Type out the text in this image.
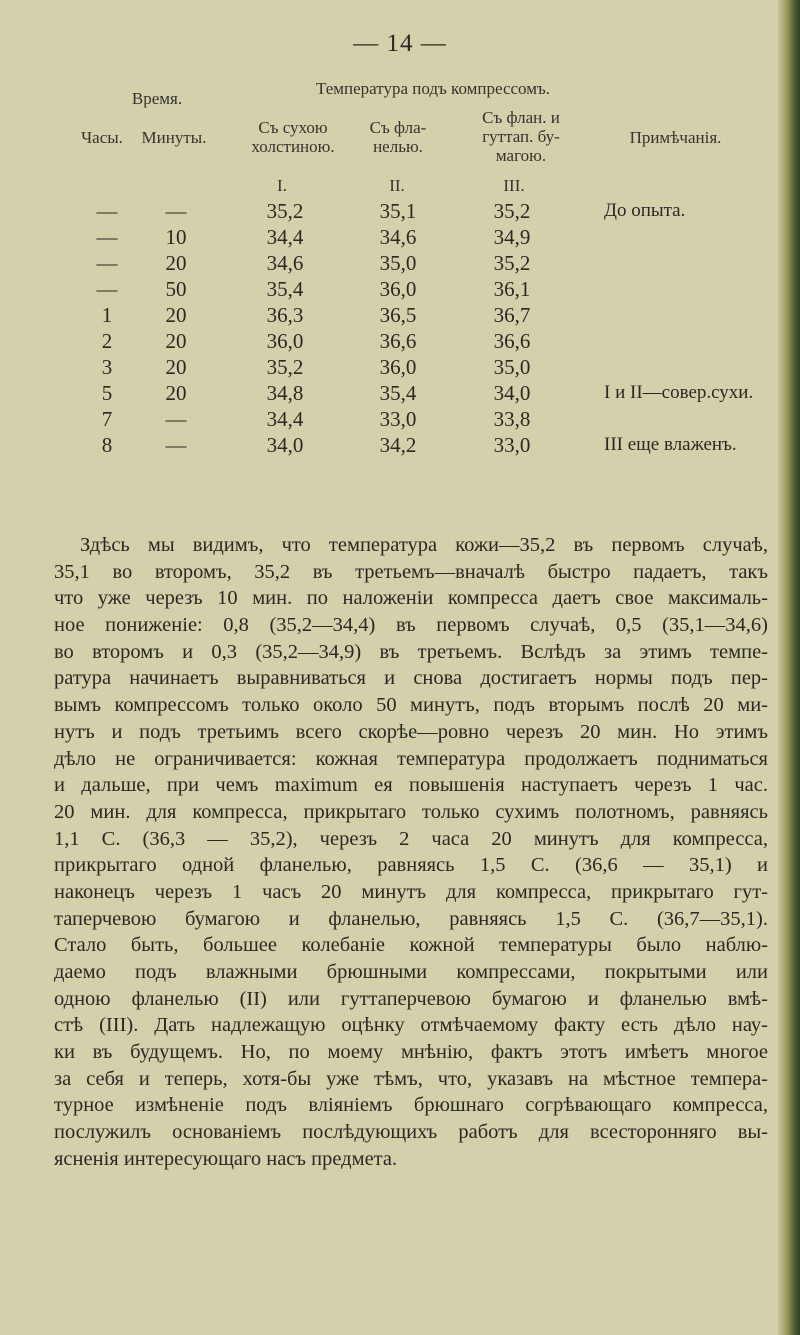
— 14 —
Время.
Температура подъ компрессомъ.
Часы.	Минуты.
Съ сухою
холстиною.
Съ фла-
нелью.
Съ флан. и
гуттап. бу-
магою.
Примѣчанія.
I.	II.	III.
—	—	35,2	35,1	35,2	До опыта.
—	10	34,4	34,6	34,9
—	20	34,6	35,0	35,2
—	50	35,4	36,0	36,1
1	20	36,3	36,5	36,7
2	20	36,0	36,6	36,6
3	20	35,2	36,0	35,0
5	20	34,8	35,4	34,0	I и II—совер.сухи.
7	—	34,4	33,0	33,8
8	—	34,0	34,2	33,0	III еще влаженъ.
Здѣсь мы видимъ, что температура кожи—35,2 въ первомъ случаѣ,
35,1 во второмъ, 35,2 въ третьемъ—вначалѣ быстро падаетъ, такъ
что уже черезъ 10 мин. по наложеніи компресса даетъ свое максималь-
ное пониженіе: 0,8 (35,2—34,4) въ первомъ случаѣ, 0,5 (35,1—34,6)
во второмъ и 0,3 (35,2—34,9) въ третьемъ. Вслѣдъ за этимъ темпе-
ратура начинаетъ выравниваться и снова достигаетъ нормы подъ пер-
вымъ компрессомъ только около 50 минутъ, подъ вторымъ послѣ 20 ми-
нутъ и подъ третьимъ всего скорѣе—ровно черезъ 20 мин. Но этимъ
дѣло не ограничивается: кожная температура продолжаетъ подниматься
и дальше, при чемъ maximum ея повышенія наступаетъ черезъ 1 час.
20 мин. для компресса, прикрытаго только сухимъ полотномъ, равняясь
1,1 С. (36,3 — 35,2), черезъ 2 часа 20 минутъ для компресса,
прикрытаго одной фланелью, равняясь 1,5 С. (36,6 — 35,1) и
наконецъ черезъ 1 часъ 20 минутъ для компресса, прикрытаго гут-
таперчевою бумагою и фланелью, равняясь 1,5 С. (36,7—35,1).
Стало быть, большее колебаніе кожной температуры было наблю-
даемо подъ влажными брюшными компрессами, покрытыми или
одною фланелью (II) или гуттаперчевою бумагою и фланелью вмѣ-
стѣ (III). Дать надлежащую оцѣнку отмѣчаемому факту есть дѣло нау-
ки въ будущемъ. Но, по моему мнѣнію, фактъ этотъ имѣетъ многое
за себя и теперь, хотя-бы уже тѣмъ, что, указавъ на мѣстное темпера-
турное измѣненіе подъ вліяніемъ брюшнаго согрѣвающаго компресса,
послужилъ основаніемъ послѣдующихъ работъ для всесторонняго вы-
ясненія интересующаго насъ предмета.
